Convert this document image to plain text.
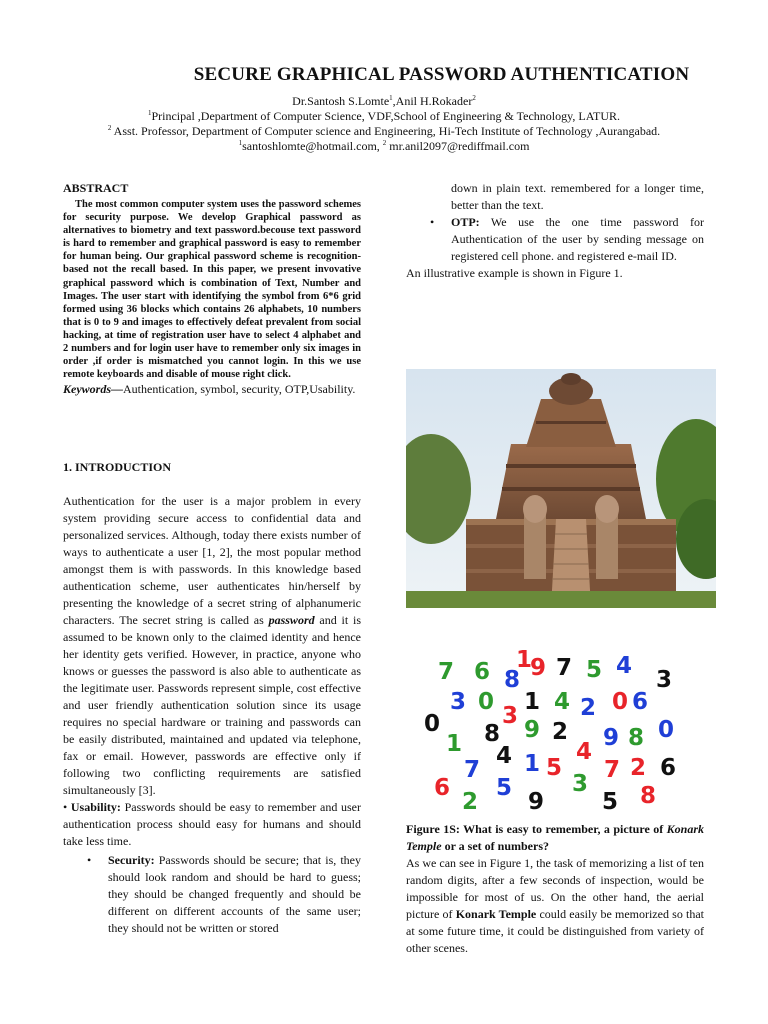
SECURE GRAPHICAL PASSWORD AUTHENTICATION
Dr.Santosh S.Lomte$^1$,Anil H.Rokader$^2$
$^1$Principal ,Department of Computer Science, VDF,School of Engineering & Technology, LATUR.
$^2$ Asst. Professor, Department of Computer science and Engineering, Hi-Tech Institute of Technology ,Aurangabad.
$^1$santoshlomte@hotmail.com, $^2$ mr.anil2097@rediffmail.com

ABSTRACT

The most common computer system uses the password schemes for security purpose. We develop Graphical password as alternatives to biometry and text password.becouse text password is hard to remember and graphical password is easy to remember for human being. Our graphical password scheme is recognition-based not the recall based. In this paper, we present invovative graphical password which is combination of Text, Number and Images. The user start with identifying the symbol from 6*6 grid formed using 36 blocks which contains 26 alphabets, 10 numbers that is 0 to 9 and images to effectively defeat prevalent from social hacking, at time of registration user have to select 4 alphabet and 2 numbers and for login user have to remember only six images in order ,if order is mismatched you cannot login. In this we use remote keyboards and disable of mouse right click.

Keywords—Authentication, symbol, security, OTP,Usability.

1. INTRODUCTION

Authentication for the user is a major problem in every system providing secure access to confidential data and personalized services. Although, today there exists number of ways to authenticate a user [1, 2], the most popular method amongst them is with passwords. In this knowledge based authentication scheme, user authenticates hin/herself by presenting the knowledge of a secret string of alphanumeric characters. The secret string is called as password and it is assumed to be known only to the claimed identity and hence her identity gets verified. However, in practice, anyone who knows or guesses the password is also able to authenticate as the legitimate user. Passwords represent simple, cost effective and user friendly authentication solution since its usage requires no special hardware or training and passwords can be easily distributed, maintained and updated via telephone, fax or email. However, passwords are effective only if following two conflicting requirements are satisfied simultaneously [3].

• Usability: Passwords should be easy to remember and user authentication process should easy for humans and should take less time.

• Security: Passwords should be secure; that is, they should look random and should be hard to guess; they should be changed frequently and should be different on different accounts of the same user; they should not be written or stored
down in plain text. remembered for a longer time, better than the text.
• OTP: We use the one time password for Authentication of the user by sending message on registered cell phone. and registered e-mail ID.

An illustrative example is shown in Figure 1.

7 6 8
1
9 7 5 4
3
3 0 1 4 2 0 6
0	3
8 9 2 9 8 0
1 4	4
7 1 5 7 2 6
6 5	3
2 9	5 8

Figure 1S: What is easy to remember, a picture of Konark Temple or a set of numbers?

As we can see in Figure 1, the task of memorizing a list of ten random digits, after a few seconds of inspection, would be impossible for most of us. On the other hand, the aerial picture of Konark Temple could easily be memorized so that at some future time, it could be distinguished from variety of other scenes.
